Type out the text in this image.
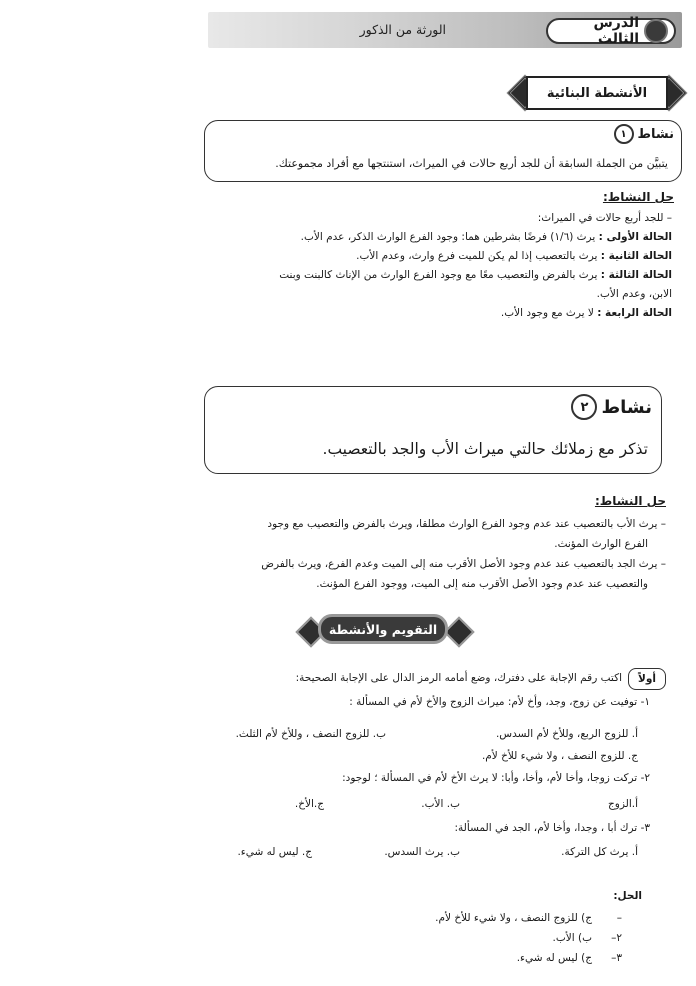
الدرس الثالث
الورثة من الذكور
الأنشطة البنائية
نشاط
١
يتبيَّن من الجملة السابقة أن للجد أربع حالات في الميراث، استنتجها مع أفراد مجموعتك.
حل النشاط:
– للجد أربع حالات في الميراث:
الحالة الأولى : يرث (١/٦) فرضًا بشرطين هما: وجود الفرع الوارث الذكر، عدم الأب.
الحالة الثانية : يرث بالتعصيب إذا لم يكن للميت فرع وارث، وعدم الأب.
الحالة الثالثة : يرث بالفرض والتعصيب معًا مع وجود الفرع الوارث من الإناث كالبنت وبنت
الابن، وعدم الأب.
الحالة الرابعة : لا يرث مع وجود الأب.
نشاط
٢
تذكر مع زملائك حالتي ميراث الأب والجد بالتعصيب.
حل النشاط:
– يرث الأب بالتعصيب عند عدم وجود الفرع الوارث مطلقا، ويرث بالفرض والتعصيب مع وجود
الفرع الوارث المؤنث.
– يرث الجد بالتعصيب عند عدم وجود الأصل الأقرب منه إلى الميت وعدم الفرع، ويرث بالفرض
والتعصيب عند عدم وجود الأصل الأقرب منه إلى الميت، ووجود الفرع المؤنث.
التقويم والأنشطة
أولاً
اكتب رقم الإجابة على دفترك، وضع أمامه الرمز الدال على الإجابة الصحيحة:
١- توفيت عن زوج، وجد، وأخ لأم: ميراث الزوج والأخ لأم في المسألة :
أ. للزوج الربع، وللأخ لأم السدس.
ب. للزوج النصف ، وللأخ لأم الثلث.
ج. للزوج النصف ، ولا شيء للأخ لأم.
٢- تركت زوجا، وأخا لأم، وأخا، وأبا: لا يرث الأخ لأم في المسألة ؛ لوجود:
أ.الزوج
ب. الأب.
ج.الأخ.
٣- ترك أبا ، وجدا، وأخا لأم، الجد في المسألة:
أ. يرث كل التركة.
ب. يرث السدس.
ج. ليس له شيء.
الحل:
–
ج) للزوج النصف ، ولا شيء للأخ لأم.
٢–
ب) الأب.
٣–
ج) ليس له شيء.
